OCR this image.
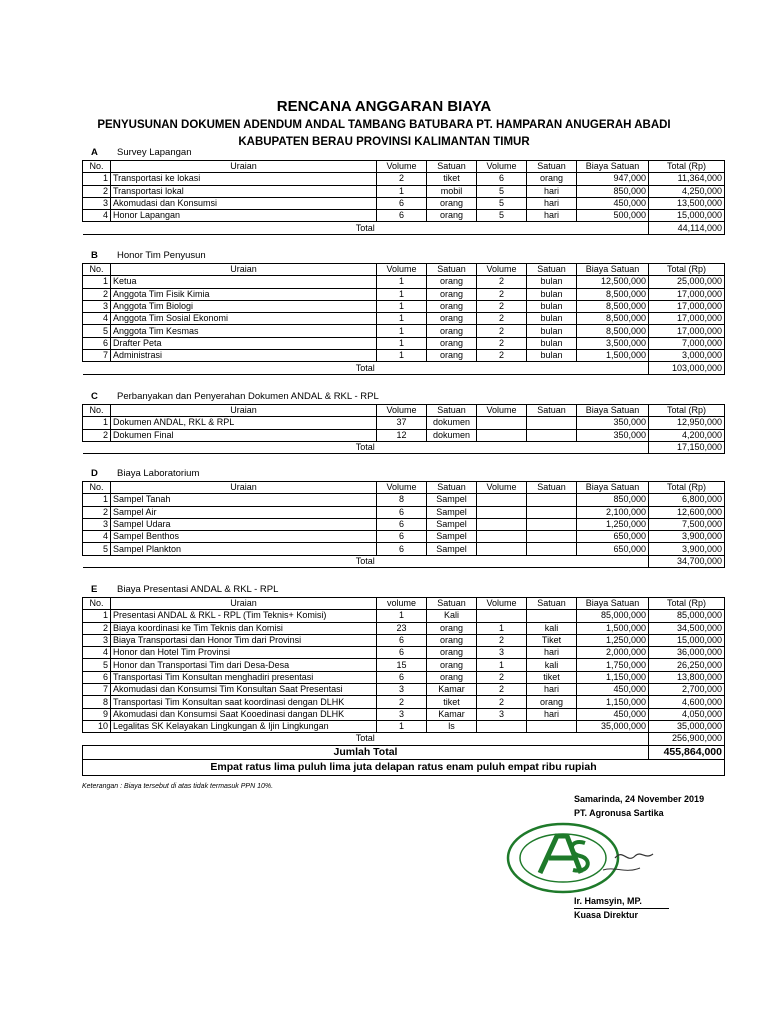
RENCANA ANGGARAN BIAYA
PENYUSUNAN DOKUMEN ADENDUM ANDAL TAMBANG BATUBARA PT. HAMPARAN ANUGERAH ABADI
KABUPATEN BERAU PROVINSI KALIMANTAN TIMUR
A Survey Lapangan
No.	Uraian	Volume	Satuan	Volume	Satuan	Biaya Satuan	Total (Rp)
1	Transportasi ke lokasi	2	tiket	6	orang	947,000	11,364,000
2	Transportasi lokal	1	mobil	5	hari	850,000	4,250,000
3	Akomudasi dan Konsumsi	6	orang	5	hari	450,000	13,500,000
4	Honor Lapangan	6	orang	5	hari	500,000	15,000,000
Total							44,114,000
B Honor Tim Penyusun
No.	Uraian	Volume	Satuan	Volume	Satuan	Biaya Satuan	Total (Rp)
1	Ketua	1	orang	2	bulan	12,500,000	25,000,000
2	Anggota Tim Fisik Kimia	1	orang	2	bulan	8,500,000	17,000,000
3	Anggota Tim Biologi	1	orang	2	bulan	8,500,000	17,000,000
4	Anggota Tim Sosial Ekonomi	1	orang	2	bulan	8,500,000	17,000,000
5	Anggota Tim Kesmas	1	orang	2	bulan	8,500,000	17,000,000
6	Drafter Peta	1	orang	2	bulan	3,500,000	7,000,000
7	Administrasi	1	orang	2	bulan	1,500,000	3,000,000
Total							103,000,000
C Perbanyakan dan Penyerahan Dokumen ANDAL & RKL - RPL
No.	Uraian	Volume	Satuan	Volume	Satuan	Biaya Satuan	Total (Rp)
1	Dokumen ANDAL, RKL & RPL	37	dokumen			350,000	12,950,000
2	Dokumen Final	12	dokumen			350,000	4,200,000
Total							17,150,000
D Biaya Laboratorium
No.	Uraian	Volume	Satuan	Volume	Satuan	Biaya Satuan	Total (Rp)
1	Sampel Tanah	8	Sampel			850,000	6,800,000
2	Sampel Air	6	Sampel			2,100,000	12,600,000
3	Sampel Udara	6	Sampel			1,250,000	7,500,000
4	Sampel Benthos	6	Sampel			650,000	3,900,000
5	Sampel Plankton	6	Sampel			650,000	3,900,000
Total							34,700,000
E Biaya Presentasi ANDAL & RKL - RPL
No.	Uraian	volume	Satuan	Volume	Satuan	Biaya Satuan	Total (Rp)
1	Presentasi ANDAL & RKL - RPL (Tim Teknis+ Komisi)	1	Kali			85,000,000	85,000,000
2	Biaya koordinasi ke Tim Teknis dan Komisi	23	orang	1	kali	1,500,000	34,500,000
3	Biaya Transportasi dan Honor Tim dari Provinsi	6	orang	2	Tiket	1,250,000	15,000,000
4	Honor dan Hotel Tim Provinsi	6	orang	3	hari	2,000,000	36,000,000
5	Honor dan Transportasi Tim dari Desa-Desa	15	orang	1	kali	1,750,000	26,250,000
6	Transportasi Tim Konsultan menghadiri presentasi	6	orang	2	tiket	1,150,000	13,800,000
7	Akomudasi dan Konsumsi Tim Konsultan Saat Presentasi	3	Kamar	2	hari	450,000	2,700,000
8	Transportasi Tim Konsultan saat koordinasi dengan DLHK	2	tiket	2	orang	1,150,000	4,600,000
9	Akomudasi dan Konsumsi Saat Kooedinasi dangan DLHK	3	Kamar	3	hari	450,000	4,050,000
10	Legalitas SK Kelayakan Lingkungan & Ijin Lingkungan	1	ls			35,000,000	35,000,000
Total							256,900,000
Jumlah Total							455,864,000
Empat ratus lima puluh lima juta delapan ratus enam puluh empat ribu rupiah							
Keterangan : Biaya tersebut di atas tidak termasuk PPN 10%.
Samarinda, 24 November 2019
PT. Agronusa Sartika
Ir. Hamsyin, MP.
Kuasa Direktur
